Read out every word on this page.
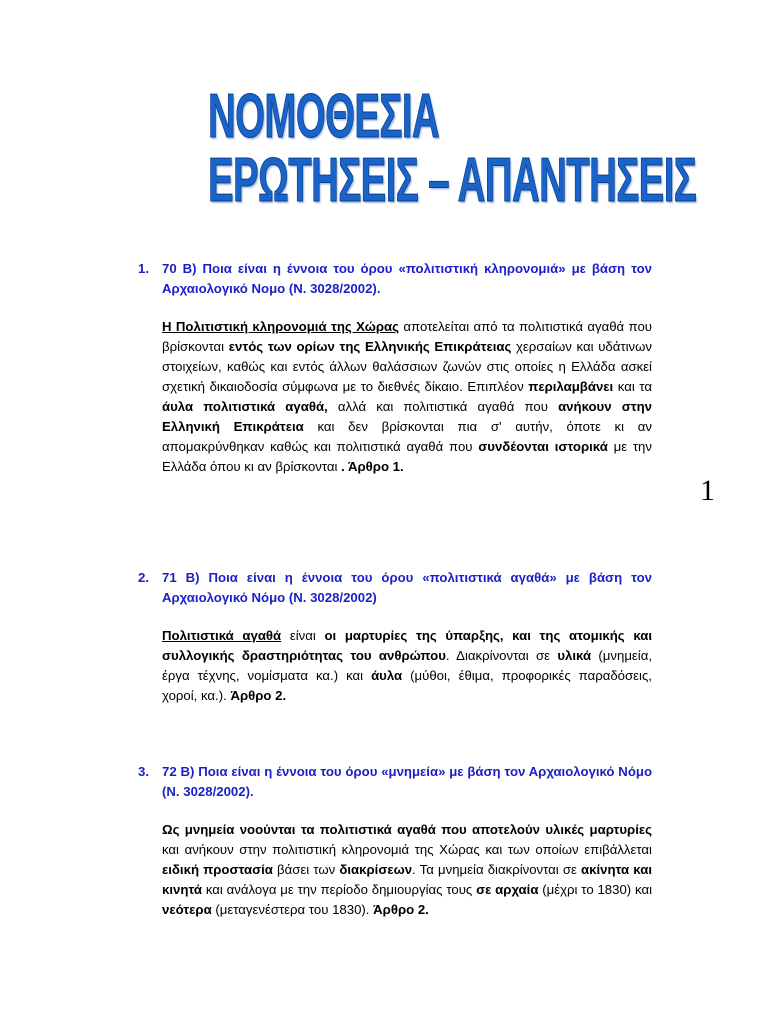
ΝΟΜΟΘΕΣΙΑ
ΕΡΩΤΗΣΕΙΣ – ΑΠΑΝΤΗΣΕΙΣ
1
1. 70 Β) Ποια είναι η έννοια του όρου «πολιτιστική κληρονομιά» με βάση τον Αρχαιολογικό Νομο (Ν. 3028/2002).
Η Πολιτιστική κληρονομιά της Χώρας αποτελείται από τα πολιτιστικά αγαθά που βρίσκονται εντός των ορίων της Ελληνικής Επικράτειας χερσαίων και υδάτινων στοιχείων, καθώς και εντός άλλων θαλάσσιων ζωνών στις οποίες η Ελλάδα ασκεί σχετική δικαιοδοσία σύμφωνα με το διεθνές δίκαιο. Επιπλέον περιλαμβάνει και τα άυλα πολιτιστικά αγαθά, αλλά και πολιτιστικά αγαθά που ανήκουν στην Ελληνική Επικράτεια και δεν βρίσκονται πια σ' αυτήν, όποτε κι αν απομακρύνθηκαν καθώς και πολιτιστικά αγαθά που συνδέονται ιστορικά με την Ελλάδα όπου κι αν βρίσκονται . Άρθρο 1.
2. 71 Β) Ποια είναι η έννοια του όρου «πολιτιστικά αγαθά» με βάση τον Αρχαιολογικό Νόμο (Ν. 3028/2002)
Πολιτιστικά αγαθά είναι οι μαρτυρίες της ύπαρξης, και της ατομικής και συλλογικής δραστηριότητας του ανθρώπου. Διακρίνονται σε υλικά (μνημεία, έργα τέχνης, νομίσματα κα.) και άυλα (μύθοι, έθιμα, προφορικές παραδόσεις, χοροί, κα.). Άρθρο 2.
3. 72 Β) Ποια είναι η έννοια του όρου «μνημεία» με βάση τον Αρχαιολογικό Νόμο (Ν. 3028/2002).
Ως μνημεία νοούνται τα πολιτιστικά αγαθά που αποτελούν υλικές μαρτυρίες και ανήκουν στην πολιτιστική κληρονομιά της Χώρας και των οποίων επιβάλλεται ειδική προστασία βάσει των διακρίσεων. Τα μνημεία διακρίνονται σε ακίνητα και κινητά και ανάλογα με την περίοδο δημιουργίας τους σε αρχαία (μέχρι το 1830) και νεότερα (μεταγενέστερα του 1830). Άρθρο 2.
